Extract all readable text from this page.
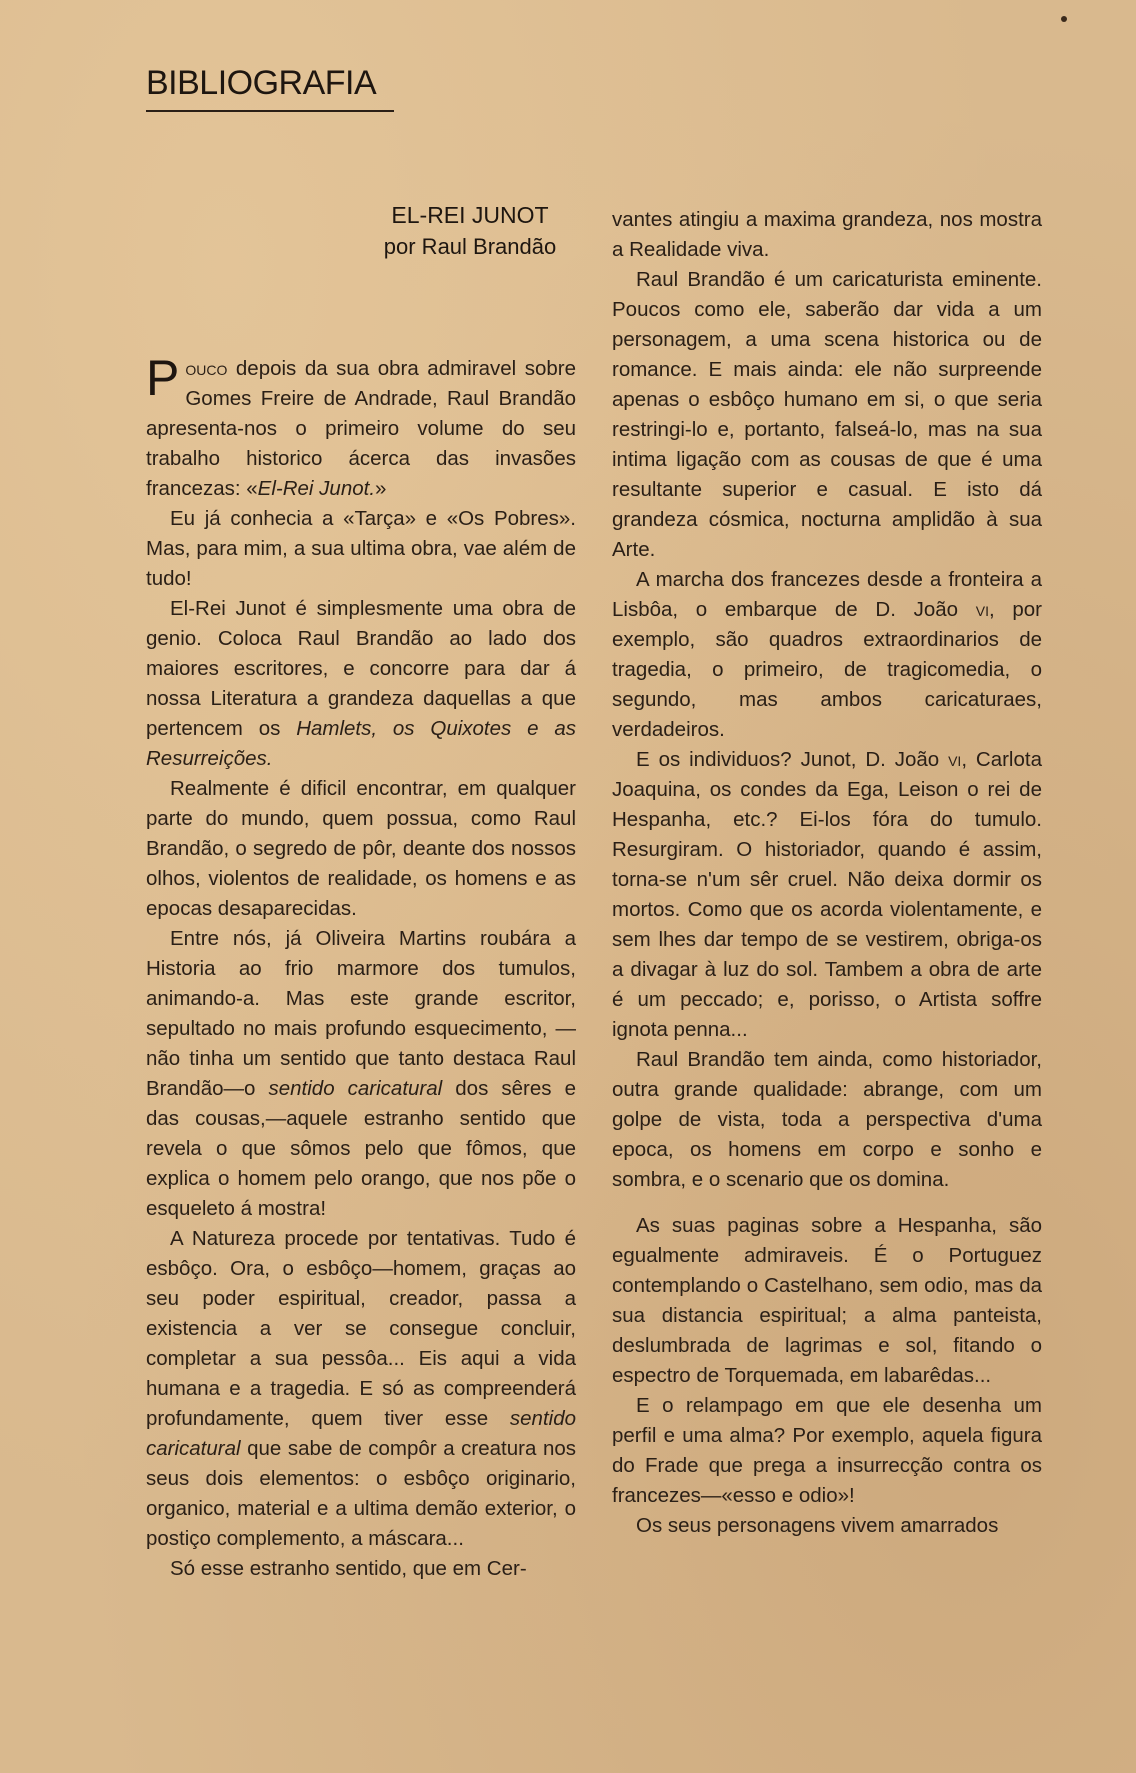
BIBLIOGRAFIA
EL-REI JUNOT
por Raul Brandão

Pouco depois da sua obra admiravel sobre Gomes Freire de Andrade, Raul Brandão apresenta-nos o primeiro volume do seu trabalho historico ácerca das invasões francezas: «El-Rei Junot.»

Eu já conhecia a «Tarça» e «Os Pobres». Mas, para mim, a sua ultima obra, vae além de tudo!

El-Rei Junot é simplesmente uma obra de genio. Coloca Raul Brandão ao lado dos maiores escritores, e concorre para dar á nossa Literatura a grandeza daquellas a que pertencem os Hamlets, os Quixotes e as Resurreições.

Realmente é dificil encontrar, em qualquer parte do mundo, quem possua, como Raul Brandão, o segredo de pôr, deante dos nossos olhos, violentos de realidade, os homens e as epocas desaparecidas.

Entre nós, já Oliveira Martins roubára a Historia ao frio marmore dos tumulos, animando-a. Mas este grande escritor, sepultado no mais profundo esquecimento, —não tinha um sentido que tanto destaca Raul Brandão—o sentido caricatural dos sêres e das cousas,—aquele estranho sentido que revela o que sômos pelo que fômos, que explica o homem pelo orango, que nos põe o esqueleto á mostra!

A Natureza procede por tentativas. Tudo é esbôço. Ora, o esbôço—homem, graças ao seu poder espiritual, creador, passa a existencia a ver se consegue concluir, completar a sua pessôa... Eis aqui a vida humana e a tragedia. E só as compreenderá profundamente, quem tiver esse sentido caricatural que sabe de compôr a creatura nos seus dois elementos: o esbôço originario, organico, material e a ultima demão exterior, o postiço complemento, a máscara...

Só esse estranho sentido, que em Cer-

vantes atingiu a maxima grandeza, nos mostra a Realidade viva.

Raul Brandão é um caricaturista eminente. Poucos como ele, saberão dar vida a um personagem, a uma scena historica ou de romance. E mais ainda: ele não surpreende apenas o esbôço humano em si, o que seria restringi-lo e, portanto, falseá-lo, mas na sua intima ligação com as cousas de que é uma resultante superior e casual. E isto dá grandeza cósmica, nocturna amplidão à sua Arte.

A marcha dos francezes desde a fronteira a Lisbôa, o embarque de D. João vi, por exemplo, são quadros extraordinarios de tragedia, o primeiro, de tragicomedia, o segundo, mas ambos caricaturaes, verdadeiros.

E os individuos? Junot, D. João vi, Carlota Joaquina, os condes da Ega, Leison o rei de Hespanha, etc.? Ei-los fóra do tumulo. Resurgiram. O historiador, quando é assim, torna-se n'um sêr cruel. Não deixa dormir os mortos. Como que os acorda violentamente, e sem lhes dar tempo de se vestirem, obriga-os a divagar à luz do sol. Tambem a obra de arte é um peccado; e, porisso, o Artista soffre ignota penna...

Raul Brandão tem ainda, como historiador, outra grande qualidade: abrange, com um golpe de vista, toda a perspectiva d'uma epoca, os homens em corpo e sonho e sombra, e o scenario que os domina.

As suas paginas sobre a Hespanha, são egualmente admiraveis. É o Portuguez contemplando o Castelhano, sem odio, mas da sua distancia espiritual; a alma panteista, deslumbrada de lagrimas e sol, fitando o espectro de Torquemada, em labarêdas...

E o relampago em que ele desenha um perfil e uma alma? Por exemplo, aquela figura do Frade que prega a insurrecção contra os francezes—«esso e odio»!

Os seus personagens vivem amarrados
